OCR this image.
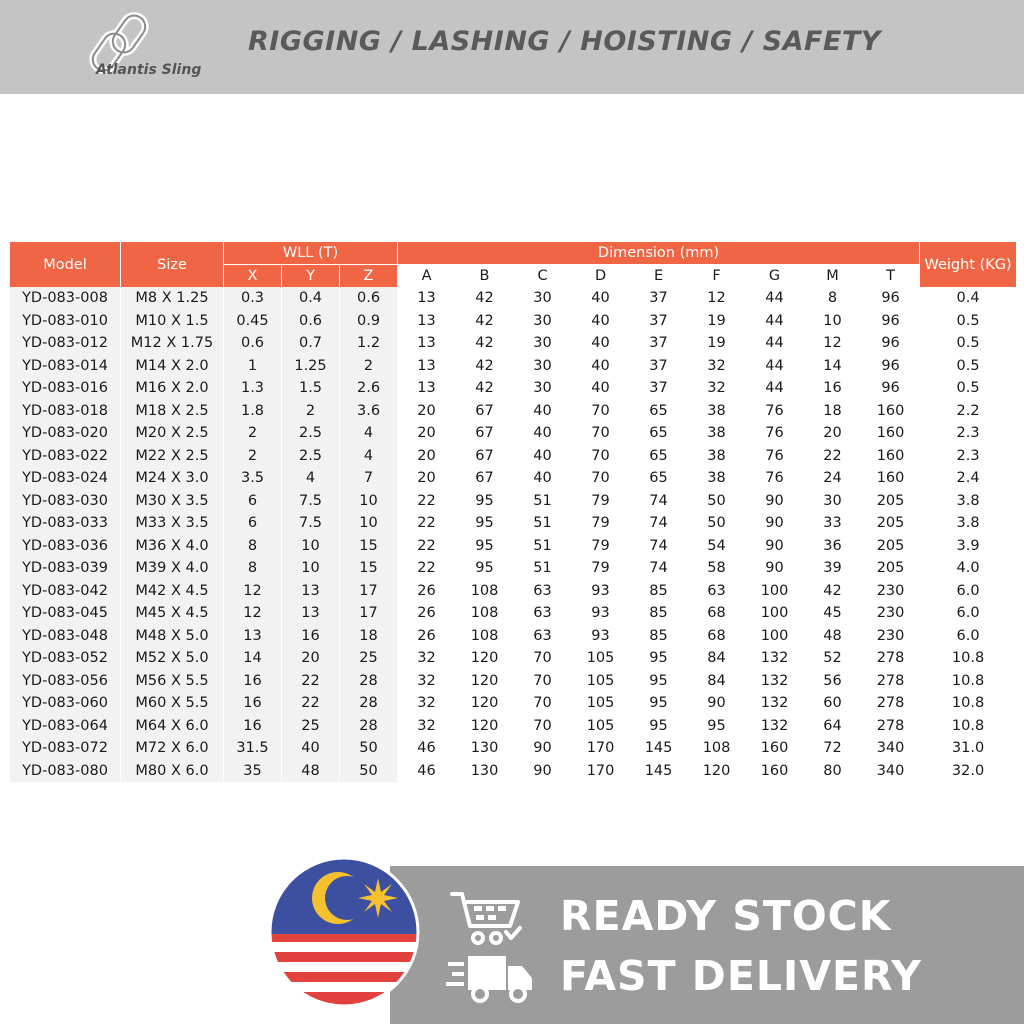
Atlantis Sling
RIGGING / LASHING / HOISTING / SAFETY
Model	Size	WLL (T)			Dimension (mm)									Weight (KG)
		X	Y	Z	A	B	C	D	E	F	G	M	T	
YD-083-008	M8 X 1.25	0.3	0.4	0.6	13	42	30	40	37	12	44	8	96	0.4
YD-083-010	M10 X 1.5	0.45	0.6	0.9	13	42	30	40	37	19	44	10	96	0.5
YD-083-012	M12 X 1.75	0.6	0.7	1.2	13	42	30	40	37	19	44	12	96	0.5
YD-083-014	M14 X 2.0	1	1.25	2	13	42	30	40	37	32	44	14	96	0.5
YD-083-016	M16 X 2.0	1.3	1.5	2.6	13	42	30	40	37	32	44	16	96	0.5
YD-083-018	M18 X 2.5	1.8	2	3.6	20	67	40	70	65	38	76	18	160	2.2
YD-083-020	M20 X 2.5	2	2.5	4	20	67	40	70	65	38	76	20	160	2.3
YD-083-022	M22 X 2.5	2	2.5	4	20	67	40	70	65	38	76	22	160	2.3
YD-083-024	M24 X 3.0	3.5	4	7	20	67	40	70	65	38	76	24	160	2.4
YD-083-030	M30 X 3.5	6	7.5	10	22	95	51	79	74	50	90	30	205	3.8
YD-083-033	M33 X 3.5	6	7.5	10	22	95	51	79	74	50	90	33	205	3.8
YD-083-036	M36 X 4.0	8	10	15	22	95	51	79	74	54	90	36	205	3.9
YD-083-039	M39 X 4.0	8	10	15	22	95	51	79	74	58	90	39	205	4.0
YD-083-042	M42 X 4.5	12	13	17	26	108	63	93	85	63	100	42	230	6.0
YD-083-045	M45 X 4.5	12	13	17	26	108	63	93	85	68	100	45	230	6.0
YD-083-048	M48 X 5.0	13	16	18	26	108	63	93	85	68	100	48	230	6.0
YD-083-052	M52 X 5.0	14	20	25	32	120	70	105	95	84	132	52	278	10.8
YD-083-056	M56 X 5.5	16	22	28	32	120	70	105	95	84	132	56	278	10.8
YD-083-060	M60 X 5.5	16	22	28	32	120	70	105	95	90	132	60	278	10.8
YD-083-064	M64 X 6.0	16	25	28	32	120	70	105	95	95	132	64	278	10.8
YD-083-072	M72 X 6.0	31.5	40	50	46	130	90	170	145	108	160	72	340	31.0
YD-083-080	M80 X 6.0	35	48	50	46	130	90	170	145	120	160	80	340	32.0
READY STOCK
FAST DELIVERY
